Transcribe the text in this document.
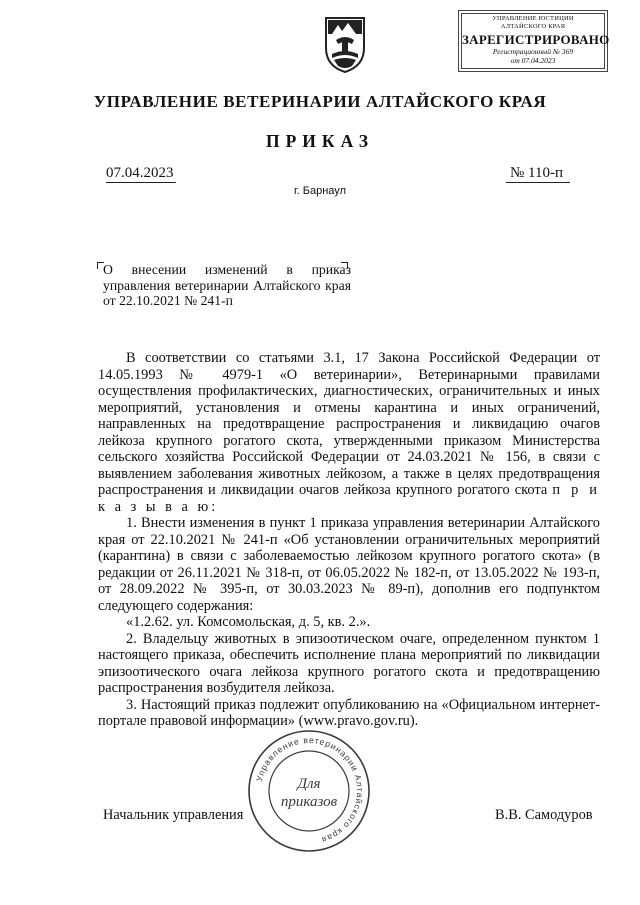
УПРАВЛЕНИЕ ЮСТИЦИИ
АЛТАЙСКОГО КРАЯ
ЗАРЕГИСТРИРОВАНО
Регистрационный № 369
от 07.04.2023
УПРАВЛЕНИЕ ВЕТЕРИНАРИИ АЛТАЙСКОГО КРАЯ
ПРИКАЗ
07.04.2023	№ 110-п
г. Барнаул
О внесении изменений в приказ управления ветеринарии Алтайского края от 22.10.2021 № 241-п

В соответствии со статьями 3.1, 17 Закона Российской Федерации от 14.05.1993 № 4979-1 «О ветеринарии», Ветеринарными правилами осуществления профилактических, диагностических, ограничительных и иных мероприятий, установления и отмены карантина и иных ограничений, направленных на предотвращение распространения и ликвидацию очагов лейкоза крупного рогатого скота, утвержденными приказом Министерства сельского хозяйства Российской Федерации от 24.03.2021 № 156, в связи с выявлением заболевания животных лейкозом, а также в целях предотвращения распространения и ликвидации очагов лейкоза крупного рогатого скота п р и к а з ы в а ю:

1. Внести изменения в пункт 1 приказа управления ветеринарии Алтайского края от 22.10.2021 № 241-п «Об установлении ограничительных мероприятий (карантина) в связи с заболеваемостью лейкозом крупного рогатого скота» (в редакции от 26.11.2021 № 318-п, от 06.05.2022 № 182-п, от 13.05.2022 № 193-п, от 28.09.2022 № 395-п, от 30.03.2023 № 89-п), дополнив его подпунктом следующего содержания:

«1.2.62. ул. Комсомольская, д. 5, кв. 2.».

2. Владельцу животных в эпизоотическом очаге, определенном пунктом 1 настоящего приказа, обеспечить исполнение плана мероприятий по ликвидации эпизоотического очага лейкоза крупного рогатого скота и предотвращению распространения возбудителя лейкоза.

3. Настоящий приказ подлежит опубликованию на «Официальном интернет-портале правовой информации» (www.pravo.gov.ru).

Управление ветеринарии Алтайского края
Для
приказов
Начальник управления	В.В. Самодуров
